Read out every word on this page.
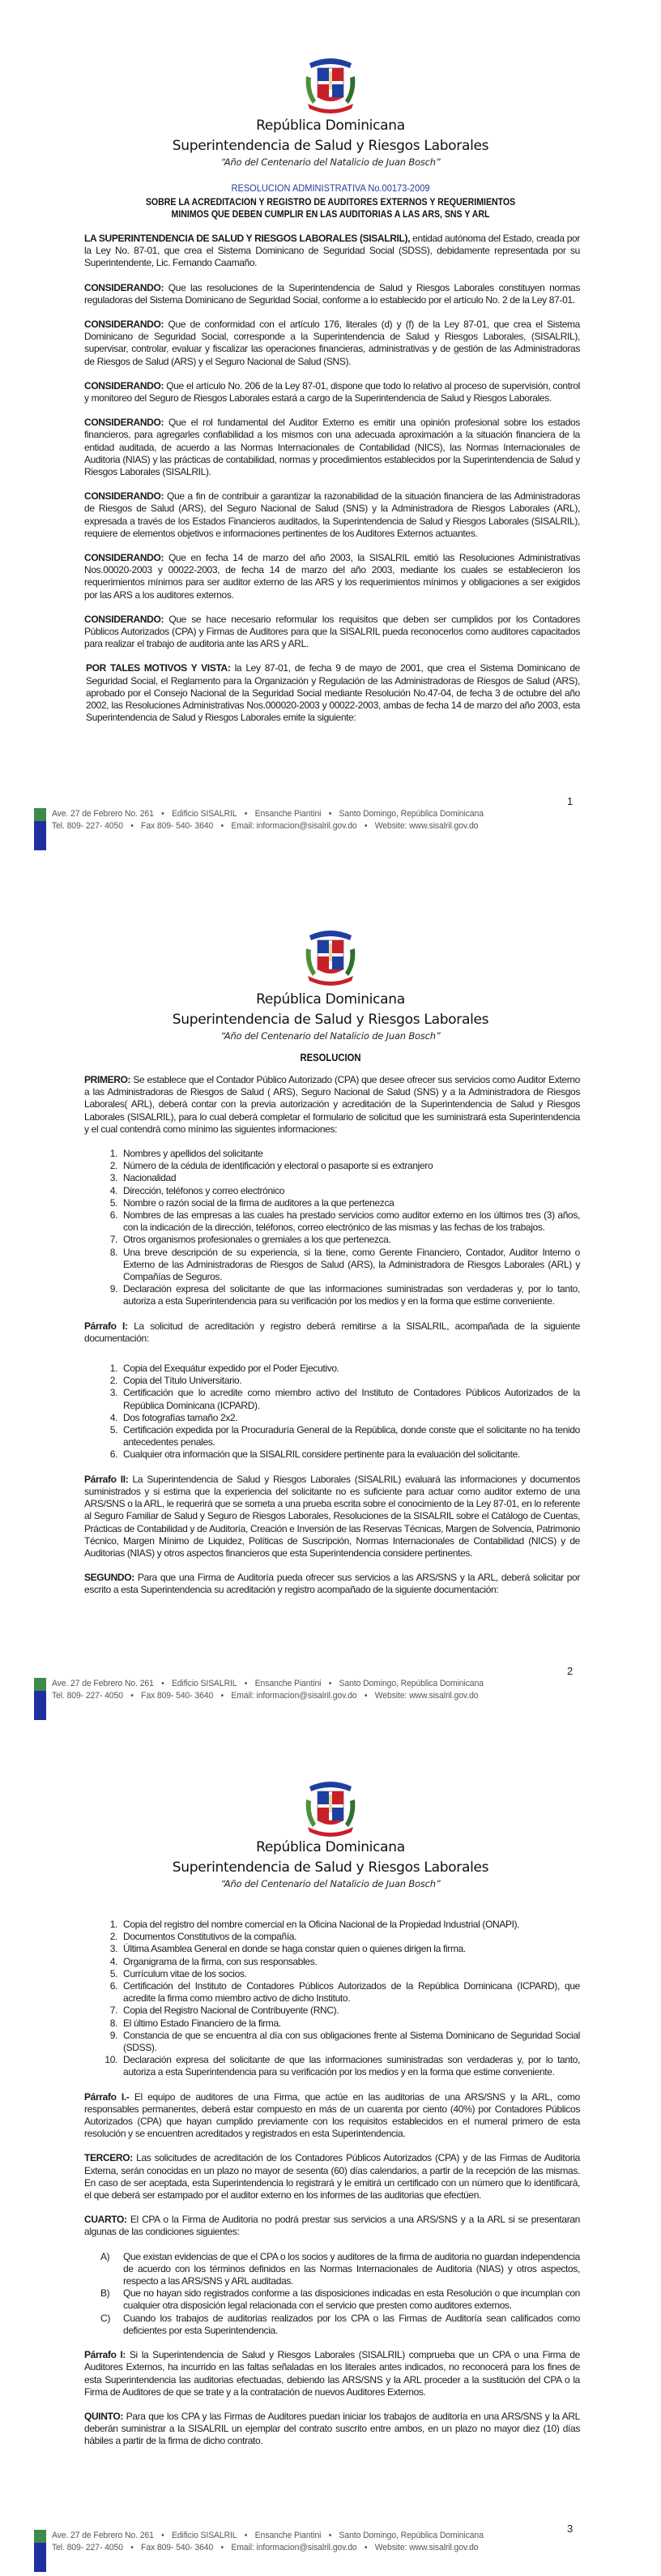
República Dominicana
Superintendencia de Salud y Riesgos Laborales
“Año del Centenario del Natalicio de Juan Bosch”
RESOLUCION ADMINISTRATIVA No.00173-2009
SOBRE LA ACREDITACION Y REGISTRO DE AUDITORES EXTERNOS Y REQUERIMIENTOS
MINIMOS QUE DEBEN CUMPLIR EN LAS AUDITORIAS A LAS ARS, SNS Y ARL

LA SUPERINTENDENCIA DE SALUD Y RIESGOS LABORALES (SISALRIL), entidad autónoma del Estado, creada por la Ley No. 87-01, que crea el Sistema Dominicano de Seguridad Social (SDSS), debidamente representada por su Superintendente, Lic. Fernando Caamaño.

CONSIDERANDO: Que las resoluciones de la Superintendencia de Salud y Riesgos Laborales constituyen normas reguladoras del Sistema Dominicano de Seguridad Social, conforme a lo establecido por el artículo No. 2 de la Ley 87-01.

CONSIDERANDO: Que de conformidad con el artículo 176, literales (d) y (f) de la Ley 87-01, que crea el Sistema Dominicano de Seguridad Social, corresponde a la Superintendencia de Salud y Riesgos Laborales, (SISALRIL), supervisar, controlar, evaluar y fiscalizar las operaciones financieras, administrativas y de gestión de las Administradoras de Riesgos de Salud (ARS) y el Seguro Nacional de Salud (SNS).

CONSIDERANDO: Que el artículo No. 206 de la Ley 87-01, dispone que todo lo relativo al proceso de supervisión, control y monitoreo del Seguro de Riesgos Laborales estará a cargo de la Superintendencia de Salud y Riesgos Laborales.

CONSIDERANDO: Que el rol fundamental del Auditor Externo es emitir una opinión profesional sobre los estados financieros, para agregarles confiabilidad a los mismos con una adecuada aproximación a la situación financiera de la entidad auditada, de acuerdo a las Normas Internacionales de Contabilidad (NICS), las Normas Internacionales de Auditoria (NIAS) y las prácticas de contabilidad, normas y procedimientos establecidos por la Superintendencia de Salud y Riesgos Laborales (SISALRIL).

CONSIDERANDO: Que a fin de contribuir a garantizar la razonabilidad de la situación financiera de las Administradoras de Riesgos de Salud (ARS), del Seguro Nacional de Salud (SNS) y la Administradora de Riesgos Laborales (ARL), expresada a través de los Estados Financieros auditados, la Superintendencia de Salud y Riesgos Laborales (SISALRIL), requiere de elementos objetivos e informaciones pertinentes de los Auditores Externos actuantes.

CONSIDERANDO: Que en fecha 14 de marzo del año 2003, la SISALRIL emitió las Resoluciones Administrativas Nos.00020-2003 y 00022-2003, de fecha 14 de marzo del año 2003, mediante los cuales se establecieron los requerimientos mínimos para ser auditor externo de las ARS y los requerimientos mínimos y obligaciones a ser exigidos por las ARS a los auditores externos.

CONSIDERANDO: Que se hace necesario reformular los requisitos que deben ser cumplidos por los Contadores Públicos Autorizados (CPA) y Firmas de Auditores para que la SISALRIL pueda reconocerlos como auditores capacitados para realizar el trabajo de auditoria ante las ARS y ARL.

POR TALES MOTIVOS Y VISTA: la Ley 87-01, de fecha 9 de mayo de 2001, que crea el Sistema Dominicano de Seguridad Social, el Reglamento para la Organización y Regulación de las Administradoras de Riesgos de Salud (ARS), aprobado por el Consejo Nacional de la Seguridad Social mediante Resolución No.47-04, de fecha 3 de octubre del año 2002, las Resoluciones Administrativas Nos.000020-2003 y 00022-2003, ambas de fecha 14 de marzo del año 2003, esta Superintendencia de Salud y Riesgos Laborales emite la siguiente:

1
Ave. 27 de Febrero No. 261 • Edificio SISALRIL • Ensanche Piantini • Santo Domingo, República Dominicana
Tel. 809- 227- 4050 • Fax 809- 540- 3640 • Email: informacion@sisalril.gov.do • Website: www.sisalril.gov.do
República Dominicana
Superintendencia de Salud y Riesgos Laborales
“Año del Centenario del Natalicio de Juan Bosch”
RESOLUCION

PRIMERO: Se establece que el Contador Público Autorizado (CPA) que desee ofrecer sus servicios como Auditor Externo a las Administradoras de Riesgos de Salud ( ARS), Seguro Nacional de Salud (SNS) y a la Administradora de Riesgos Laborales( ARL), deberá contar con la previa autorización y acreditación de la Superintendencia de Salud y Riesgos Laborales (SISALRIL), para lo cual deberá completar el formulario de solicitud que les suministrará esta Superintendencia y el cual contendrá como mínimo las siguientes informaciones:

1. Nombres y apellidos del solicitante
2. Número de la cédula de identificación y electoral o pasaporte si es extranjero
3. Nacionalidad
4. Dirección, teléfonos y correo electrónico
5. Nombre o razón social de la firma de auditores a la que pertenezca
6. Nombres de las empresas a las cuales ha prestado servicios como auditor externo en los últimos tres (3) años, con la indicación de la dirección, teléfonos, correo electrónico de las mismas y las fechas de los trabajos.
7. Otros organismos profesionales o gremiales a los que pertenezca.
8. Una breve descripción de su experiencia, si la tiene, como Gerente Financiero, Contador, Auditor Interno o Externo de las Administradoras de Riesgos de Salud (ARS), la Administradora de Riesgos Laborales (ARL) y Compañías de Seguros.
9. Declaración expresa del solicitante de que las informaciones suministradas son verdaderas y, por lo tanto, autoriza a esta Superintendencia para su verificación por los medios y en la forma que estime conveniente.

Párrafo I: La solicitud de acreditación y registro deberá remitirse a la SISALRIL, acompañada de la siguiente documentación:

1. Copia del Exequátur expedido por el Poder Ejecutivo.
2. Copia del Título Universitario.
3. Certificación que lo acredite como miembro activo del Instituto de Contadores Públicos Autorizados de la República Dominicana (ICPARD).
4. Dos fotografías tamaño 2x2.
5. Certificación expedida por la Procuraduría General de la República, donde conste que el solicitante no ha tenido antecedentes penales.
6. Cualquier otra información que la SISALRIL considere pertinente para la evaluación del solicitante.

Párrafo II: La Superintendencia de Salud y Riesgos Laborales (SISALRIL) evaluará las informaciones y documentos suministrados y si estima que la experiencia del solicitante no es suficiente para actuar como auditor externo de una ARS/SNS o la ARL, le requerirá que se someta a una prueba escrita sobre el conocimiento de la Ley 87-01, en lo referente al Seguro Familiar de Salud y Seguro de Riesgos Laborales, Resoluciones de la SISALRIL sobre el Catálogo de Cuentas, Prácticas de Contabilidad y de Auditoría, Creación e Inversión de las Reservas Técnicas, Margen de Solvencia, Patrimonio Técnico, Margen Mínimo de Liquidez, Políticas de Suscripción, Normas Internacionales de Contabilidad (NICS) y de Auditorias (NIAS) y otros aspectos financieros que esta Superintendencia considere pertinentes.

SEGUNDO: Para que una Firma de Auditoría pueda ofrecer sus servicios a las ARS/SNS y la ARL, deberá solicitar por escrito a esta Superintendencia su acreditación y registro acompañado de la siguiente documentación:

2
Ave. 27 de Febrero No. 261 • Edificio SISALRIL • Ensanche Piantini • Santo Domingo, República Dominicana
Tel. 809- 227- 4050 • Fax 809- 540- 3640 • Email: informacion@sisalril.gov.do • Website: www.sisalril.gov.do
República Dominicana
Superintendencia de Salud y Riesgos Laborales
“Año del Centenario del Natalicio de Juan Bosch”
1. Copia del registro del nombre comercial en la Oficina Nacional de la Propiedad Industrial (ONAPI).
2. Documentos Constitutivos de la compañía.
3. Última Asamblea General en donde se haga constar quien o quienes dirigen la firma.
4. Organigrama de la firma, con sus responsables.
5. Currículum vitae de los socios.
6. Certificación del Instituto de Contadores Públicos Autorizados de la República Dominicana (ICPARD), que acredite la firma como miembro activo de dicho Instituto.
7. Copia del Registro Nacional de Contribuyente (RNC).
8. El último Estado Financiero de la firma.
9. Constancia de que se encuentra al día con sus obligaciones frente al Sistema Dominicano de Seguridad Social (SDSS).
10. Declaración expresa del solicitante de que las informaciones suministradas son verdaderas y, por lo tanto, autoriza a esta Superintendencia para su verificación por los medios y en la forma que estime conveniente.

Párrafo I.- El equipo de auditores de una Firma, que actúe en las auditorias de una ARS/SNS y la ARL, como responsables permanentes, deberá estar compuesto en más de un cuarenta por ciento (40%) por Contadores Públicos Autorizados (CPA) que hayan cumplido previamente con los requisitos establecidos en el numeral primero de esta resolución y se encuentren acreditados y registrados en esta Superintendencia.

TERCERO: Las solicitudes de acreditación de los Contadores Públicos Autorizados (CPA) y de las Firmas de Auditoria Externa, serán conocidas en un plazo no mayor de sesenta (60) días calendarios, a partir de la recepción de las mismas. En caso de ser aceptada, esta Superintendencia lo registrará y le emitirá un certificado con un número que lo identificará, el que deberá ser estampado por el auditor externo en los informes de las auditorias que efectúen.

CUARTO: El CPA o la Firma de Auditoria no podrá prestar sus servicios a una ARS/SNS y a la ARL si se presentaran algunas de las condiciones siguientes:

A) Que existan evidencias de que el CPA o los socios y auditores de la firma de auditoria no guardan independencia de acuerdo con los términos definidos en las Normas Internacionales de Auditoria (NIAS) y otros aspectos, respecto a las ARS/SNS y ARL auditadas.
B) Que no hayan sido registrados conforme a las disposiciones indicadas en esta Resolución o que incumplan con cualquier otra disposición legal relacionada con el servicio que presten como auditores externos.
C) Cuando los trabajos de auditorias realizados por los CPA o las Firmas de Auditoría sean calificados como deficientes por esta Superintendencia.

Párrafo I: Si la Superintendencia de Salud y Riesgos Laborales (SISALRIL) comprueba que un CPA o una Firma de Auditores Externos, ha incurrido en las faltas señaladas en los literales antes indicados, no reconocerá para los fines de esta Superintendencia las auditorias efectuadas, debiendo las ARS/SNS y la ARL proceder a la sustitución del CPA o la Firma de Auditores de que se trate y a la contratación de nuevos Auditores Externos.

QUINTO: Para que los CPA y las Firmas de Auditores puedan iniciar los trabajos de auditoría en una ARS/SNS y la ARL deberán suministrar a la SISALRIL un ejemplar del contrato suscrito entre ambos, en un plazo no mayor diez (10) días hábiles a partir de la firma de dicho contrato.

3
Ave. 27 de Febrero No. 261 • Edificio SISALRIL • Ensanche Piantini • Santo Domingo, República Dominicana
Tel. 809- 227- 4050 • Fax 809- 540- 3640 • Email: informacion@sisalril.gov.do • Website: www.sisalril.gov.do
